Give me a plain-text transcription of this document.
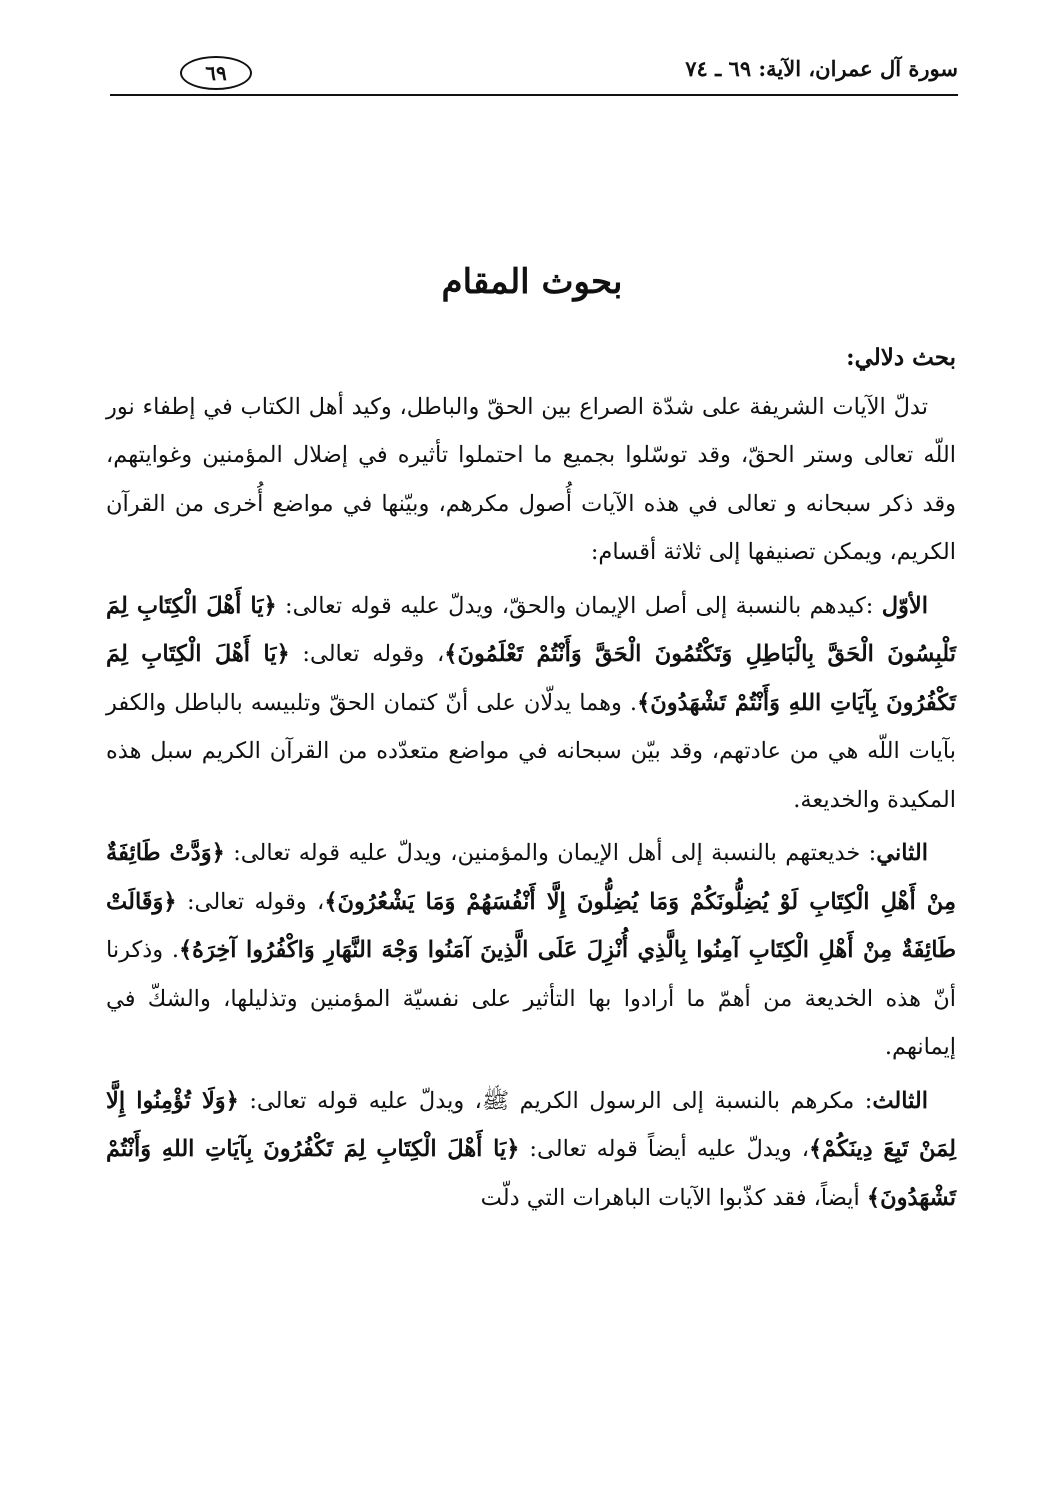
سورة آل عمران، الآية: ٦٩ ـ ٧٤
٦٩
بحوث المقام

بحث دلالي:

تدلّ الآيات الشريفة على شدّة الصراع بين الحقّ والباطل، وكيد أهل الكتاب في إطفاء نور اللّه تعالى وستر الحقّ، وقد توسّلوا بجميع ما احتملوا تأثيره في إضلال المؤمنين وغوايتهم، وقد ذكر سبحانه و تعالى في هذه الآيات أُصول مكرهم، وبيّنها في مواضع أُخرى من القرآن الكريم، ويمكن تصنيفها إلى ثلاثة أقسام:

الأوّل :كيدهم بالنسبة إلى أصل الإيمان والحقّ، ويدلّ عليه قوله تعالى: ﴿يَا أَهْلَ الْكِتَابِ لِمَ تَلْبِسُونَ الْحَقَّ بِالْبَاطِلِ وَتَكْتُمُونَ الْحَقَّ وَأَنْتُمْ تَعْلَمُونَ﴾، وقوله تعالى: ﴿يَا أَهْلَ الْكِتَابِ لِمَ تَكْفُرُونَ بِآيَاتِ اللهِ وَأَنْتُمْ تَشْهَدُونَ﴾. وهما يدلّان على أنّ كتمان الحقّ وتلبيسه بالباطل والكفر بآيات اللّه هي من عادتهم، وقد بيّن سبحانه في مواضع متعدّده من القرآن الكريم سبل هذه المكيدة والخديعة.

الثاني: خديعتهم بالنسبة إلى أهل الإيمان والمؤمنين، ويدلّ عليه قوله تعالى: ﴿وَدَّتْ طَائِفَةٌ مِنْ أَهْلِ الْكِتَابِ لَوْ يُضِلُّونَكُمْ وَمَا يُضِلُّونَ إِلَّا أَنْفُسَهُمْ وَمَا يَشْعُرُونَ﴾، وقوله تعالى: ﴿وَقَالَتْ طَائِفَةٌ مِنْ أَهْلِ الْكِتَابِ آمِنُوا بِالَّذِي أُنْزِلَ عَلَى الَّذِينَ آمَنُوا وَجْهَ النَّهَارِ وَاكْفُرُوا آخِرَهُ﴾. وذكرنا أنّ هذه الخديعة من أهمّ ما أرادوا بها التأثير على نفسيّة المؤمنين وتذليلها، والشكّ في إيمانهم.

الثالث: مكرهم بالنسبة إلى الرسول الكريم ﷺ، ويدلّ عليه قوله تعالى: ﴿وَلَا تُؤْمِنُوا إِلَّا لِمَنْ تَبِعَ دِينَكُمْ﴾، ويدلّ عليه أيضاً قوله تعالى: ﴿يَا أَهْلَ الْكِتَابِ لِمَ تَكْفُرُونَ بِآيَاتِ اللهِ وَأَنْتُمْ تَشْهَدُونَ﴾ أيضاً، فقد كذّبوا الآيات الباهرات التي دلّت
